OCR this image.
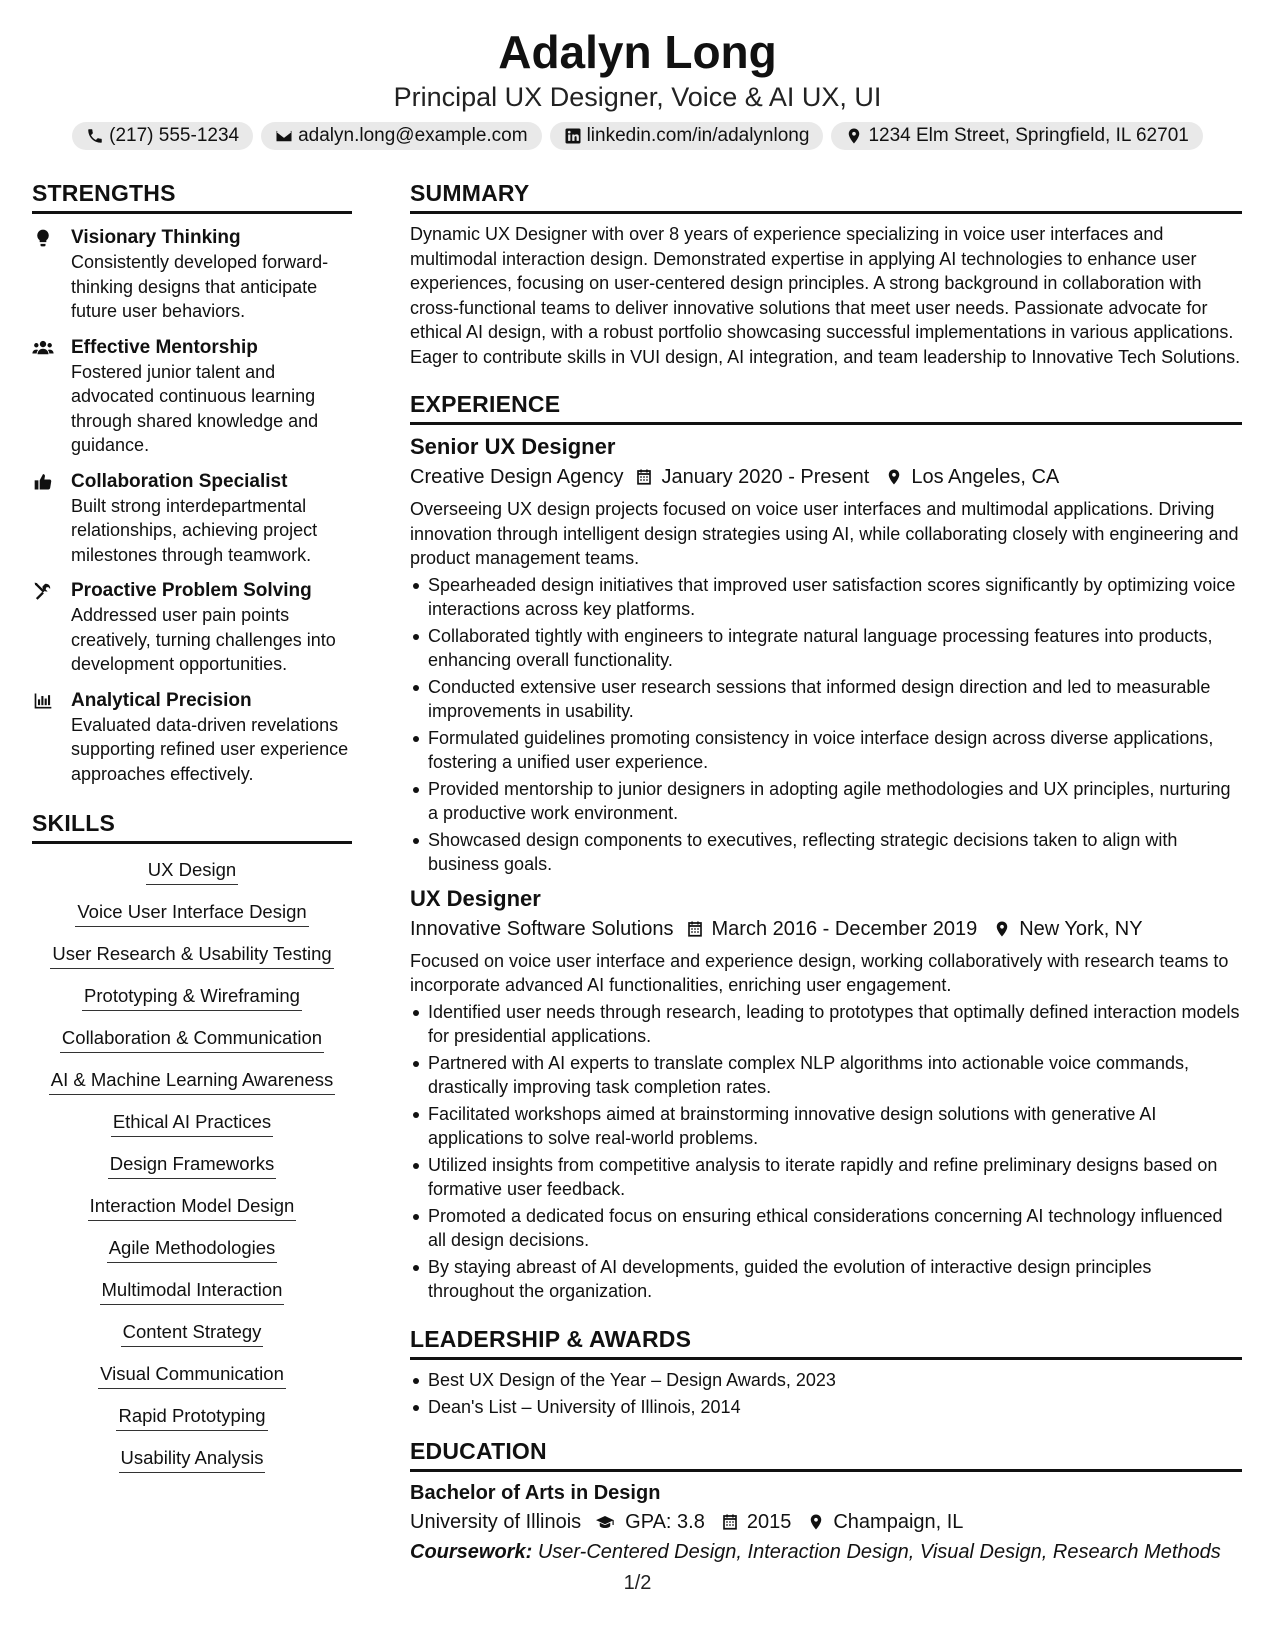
Adalyn Long
Principal UX Designer, Voice & AI UX, UI
(217) 555-1234	adalyn.long@example.com	linkedin.com/in/adalynlong	1234 Elm Street, Springfield, IL 62701
STRENGTHS
Visionary Thinking
Consistently developed forward-thinking designs that anticipate future user behaviors.
Effective Mentorship
Fostered junior talent and advocated continuous learning through shared knowledge and guidance.
Collaboration Specialist
Built strong interdepartmental relationships, achieving project milestones through teamwork.
Proactive Problem Solving
Addressed user pain points creatively, turning challenges into development opportunities.
Analytical Precision
Evaluated data-driven revelations supporting refined user experience approaches effectively.
SKILLS
UX Design
Voice User Interface Design
User Research & Usability Testing
Prototyping & Wireframing
Collaboration & Communication
AI & Machine Learning Awareness
Ethical AI Practices
Design Frameworks
Interaction Model Design
Agile Methodologies
Multimodal Interaction
Content Strategy
Visual Communication
Rapid Prototyping
Usability Analysis
SUMMARY
Dynamic UX Designer with over 8 years of experience specializing in voice user interfaces and multimodal interaction design. Demonstrated expertise in applying AI technologies to enhance user experiences, focusing on user-centered design principles. A strong background in collaboration with cross-functional teams to deliver innovative solutions that meet user needs. Passionate advocate for ethical AI design, with a robust portfolio showcasing successful implementations in various applications. Eager to contribute skills in VUI design, AI integration, and team leadership to Innovative Tech Solutions.
EXPERIENCE
Senior UX Designer
Creative Design Agency January 2020 - Present Los Angeles, CA
Overseeing UX design projects focused on voice user interfaces and multimodal applications. Driving innovation through intelligent design strategies using AI, while collaborating closely with engineering and product management teams.
Spearheaded design initiatives that improved user satisfaction scores significantly by optimizing voice interactions across key platforms.
Collaborated tightly with engineers to integrate natural language processing features into products, enhancing overall functionality.
Conducted extensive user research sessions that informed design direction and led to measurable improvements in usability.
Formulated guidelines promoting consistency in voice interface design across diverse applications, fostering a unified user experience.
Provided mentorship to junior designers in adopting agile methodologies and UX principles, nurturing a productive work environment.
Showcased design components to executives, reflecting strategic decisions taken to align with business goals.
UX Designer
Innovative Software Solutions March 2016 - December 2019 New York, NY
Focused on voice user interface and experience design, working collaboratively with research teams to incorporate advanced AI functionalities, enriching user engagement.
Identified user needs through research, leading to prototypes that optimally defined interaction models for presidential applications.
Partnered with AI experts to translate complex NLP algorithms into actionable voice commands, drastically improving task completion rates.
Facilitated workshops aimed at brainstorming innovative design solutions with generative AI applications to solve real-world problems.
Utilized insights from competitive analysis to iterate rapidly and refine preliminary designs based on formative user feedback.
Promoted a dedicated focus on ensuring ethical considerations concerning AI technology influenced all design decisions.
By staying abreast of AI developments, guided the evolution of interactive design principles throughout the organization.
LEADERSHIP & AWARDS
Best UX Design of the Year – Design Awards, 2023
Dean's List – University of Illinois, 2014
EDUCATION
Bachelor of Arts in Design
University of Illinois GPA: 3.8 2015 Champaign, IL
Coursework: User-Centered Design, Interaction Design, Visual Design, Research Methods
1/2
